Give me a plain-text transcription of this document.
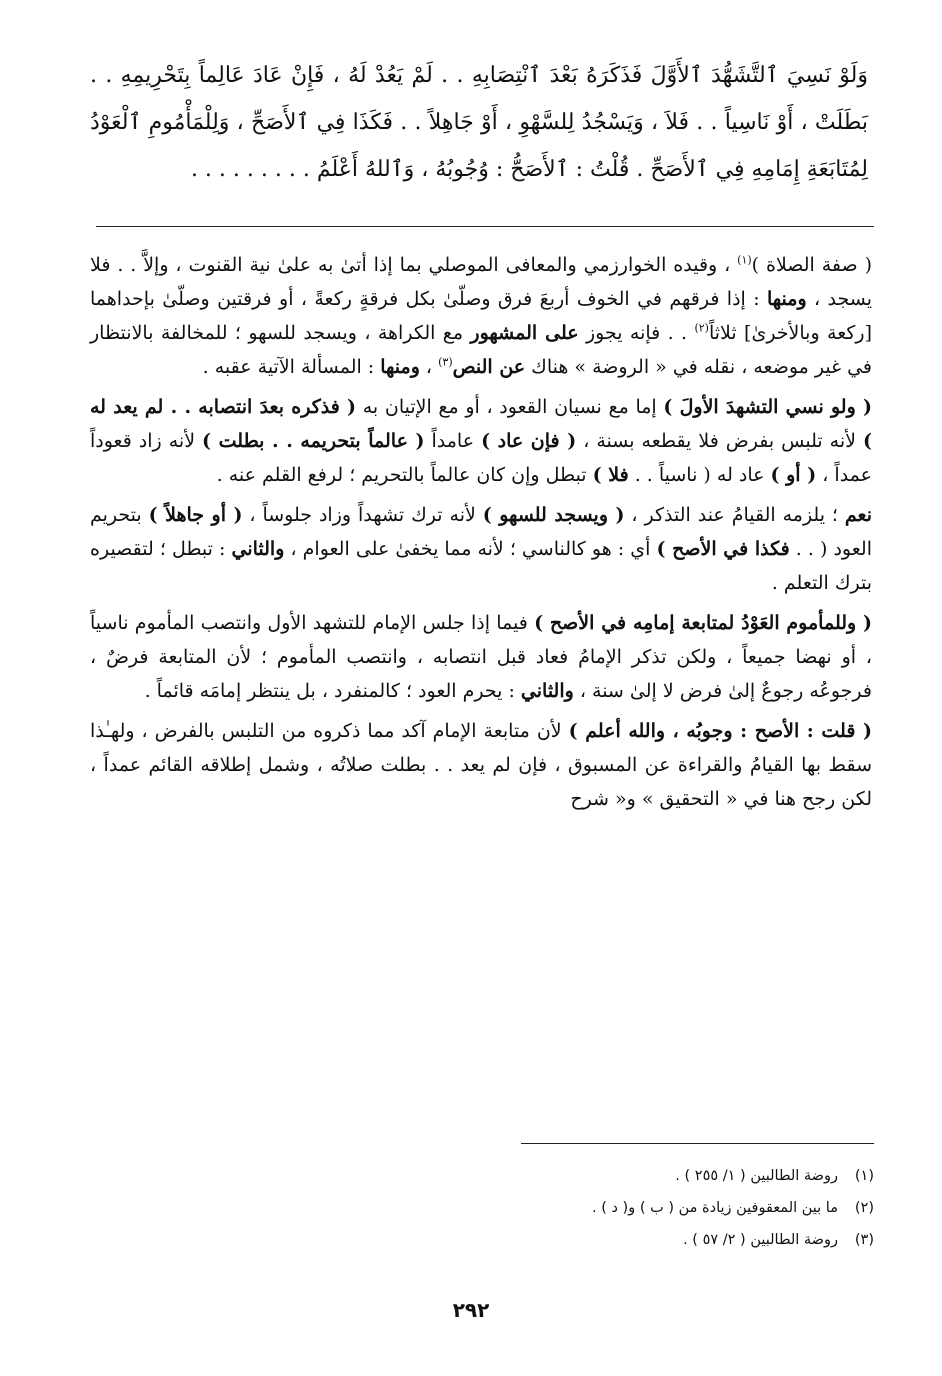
وَلَوْ نَسِيَ ٱلتَّشَهُّدَ ٱلأَوَّلَ فَذَكَرَهُ بَعْدَ ٱنْتِصَابِهِ . . لَمْ يَعُدْ لَهُ ، فَإِنْ عَادَ عَالِماً بِتَحْرِيمِهِ . . بَطَلَتْ ، أَوْ نَاسِياً . . فَلاَ ، وَيَسْجُدُ لِلسَّهْوِ ، أَوْ جَاهِلاً . . فَكَذَا فِي ٱلأَصَحِّ ، وَلِلْمَأْمُومِ ٱلْعَوْدُ لِمُتَابَعَةِ إِمَامِهِ فِي ٱلأَصَحِّ . قُلْتُ : ٱلأَصَحُّ : وُجُوبُهُ ، وَٱللهُ أَعْلَمُ . . . . . . . . .

( صفة الصلاة )$^{(١)}$ ، وقيده الخوارزمي والمعافى الموصلي بما إذا أتىٰ به علىٰ نية القنوت ، وإلاَّ . . فلا يسجد ، ومنها : إذا فرقهم في الخوف أربعَ فرق وصلّىٰ بكل فرقةٍ ركعةً ، أو فرقتين وصلّىٰ بإحداهما [ركعة وبالأخرىٰ] ثلاثاً$^{(٢)}$ . . فإنه يجوز على المشهور مع الكراهة ، ويسجد للسهو ؛ للمخالفة بالانتظار في غير موضعه ، نقله في « الروضة » هناك عن النص$^{(٣)}$ ، ومنها : المسألة الآتية عقبه .

( ولو نسي التشهدَ الأولَ ) إما مع نسيان القعود ، أو مع الإتيان به ( فذكره بعدَ انتصابه . . لم يعد له ) لأنه تلبس بفرض فلا يقطعه بسنة ، ( فإن عاد ) عامداً ( عالماً بتحريمه . . بطلت ) لأنه زاد قعوداً عمداً ، ( أو ) عاد له ( ناسياً . . فلا ) تبطل وإن كان عالماً بالتحريم ؛ لرفع القلم عنه .

نعم ؛ يلزمه القيامُ عند التذكر ، ( ويسجد للسهو ) لأنه ترك تشهداً وزاد جلوساً ، ( أو جاهلاً ) بتحريم العود ( . . فكذا في الأصح ) أي : هو كالناسي ؛ لأنه مما يخفىٰ على العوام ، والثاني : تبطل ؛ لتقصيره بترك التعلم .

( وللمأموم العَوْدُ لمتابعة إمامِه في الأصح ) فيما إذا جلس الإمام للتشهد الأول وانتصب المأموم ناسياً ، أو نهضا جميعاً ، ولكن تذكر الإمامُ فعاد قبل انتصابه ، وانتصب المأموم ؛ لأن المتابعة فرضٌ ، فرجوعُه رجوعٌ إلىٰ فرض لا إلىٰ سنة ، والثاني : يحرم العود ؛ كالمنفرد ، بل ينتظر إمامَه قائماً .

( قلت : الأصح : وجوبُه ، والله أعلم ) لأن متابعة الإمام آكد مما ذكروه من التلبس بالفرض ، ولهـٰذا سقط بها القيامُ والقراءة عن المسبوق ، فإن لم يعد . . بطلت صلاتُه ، وشمل إطلاقه القائم عمداً ، لكن رجح هنا في « التحقيق » و« شرح

(١)روضة الطالبين ( ١/ ٢٥٥ ) .
(٢)ما بين المعقوفين زيادة من ( ب ) و( د ) .
(٣)روضة الطالبين ( ٢/ ٥٧ ) .
٢٩٢
